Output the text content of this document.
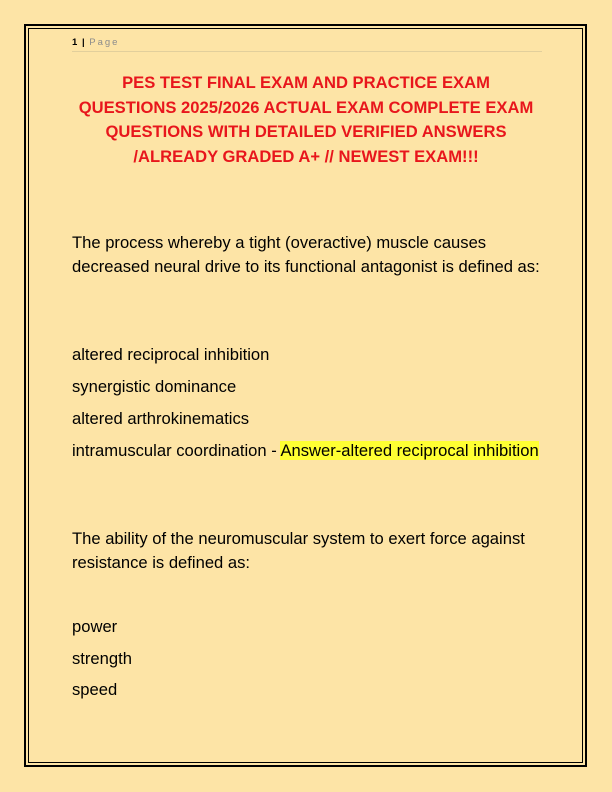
1 | Page
PES TEST FINAL EXAM AND PRACTICE EXAM QUESTIONS 2025/2026 ACTUAL EXAM COMPLETE EXAM QUESTIONS WITH DETAILED VERIFIED ANSWERS /ALREADY GRADED A+ // NEWEST EXAM!!!
The process whereby a tight (overactive) muscle causes decreased neural drive to its functional antagonist is defined as:
altered reciprocal inhibition
synergistic dominance
altered arthrokinematics
intramuscular coordination - Answer-altered reciprocal inhibition
The ability of the neuromuscular system to exert force against resistance is defined as:
power
strength
speed
